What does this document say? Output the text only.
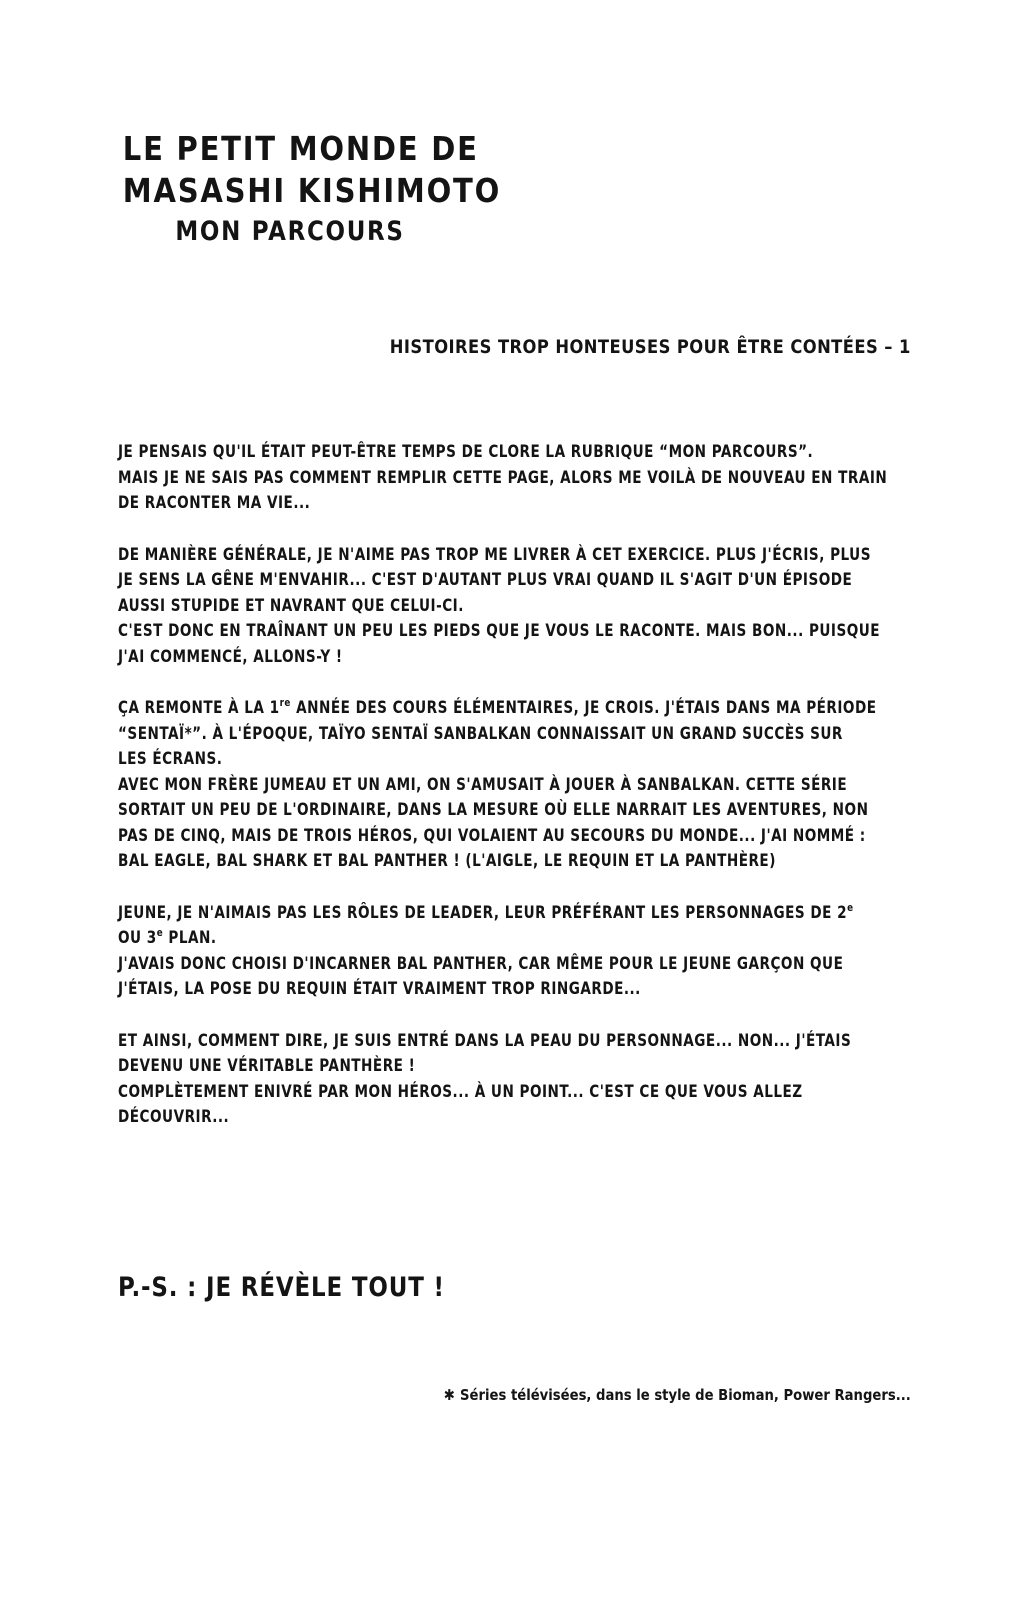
LE PETIT MONDE DE
MASASHI KISHIMOTO
MON PARCOURS
HISTOIRES TROP HONTEUSES POUR ÊTRE CONTÉES – 1
JE PENSAIS QU'IL ÉTAIT PEUT-ÊTRE TEMPS DE CLORE LA RUBRIQUE “MON PARCOURS”.
MAIS JE NE SAIS PAS COMMENT REMPLIR CETTE PAGE, ALORS ME VOILÀ DE NOUVEAU EN TRAIN
DE RACONTER MA VIE...
DE MANIÈRE GÉNÉRALE, JE N'AIME PAS TROP ME LIVRER À CET EXERCICE. PLUS J'ÉCRIS, PLUS
JE SENS LA GÊNE M'ENVAHIR... C'EST D'AUTANT PLUS VRAI QUAND IL S'AGIT D'UN ÉPISODE
AUSSI STUPIDE ET NAVRANT QUE CELUI-CI.
C'EST DONC EN TRAÎNANT UN PEU LES PIEDS QUE JE VOUS LE RACONTE. MAIS BON... PUISQUE
J'AI COMMENCÉ, ALLONS-Y !
ÇA REMONTE À LA 1re ANNÉE DES COURS ÉLÉMENTAIRES, JE CROIS. J'ÉTAIS DANS MA PÉRIODE
“SENTAÏ*”. À L'ÉPOQUE, TAÏYO SENTAÏ SANBALKAN CONNAISSAIT UN GRAND SUCCÈS SUR
LES ÉCRANS.
AVEC MON FRÈRE JUMEAU ET UN AMI, ON S'AMUSAIT À JOUER À SANBALKAN. CETTE SÉRIE
SORTAIT UN PEU DE L'ORDINAIRE, DANS LA MESURE OÙ ELLE NARRAIT LES AVENTURES, NON
PAS DE CINQ, MAIS DE TROIS HÉROS, QUI VOLAIENT AU SECOURS DU MONDE... J'AI NOMMÉ :
BAL EAGLE, BAL SHARK ET BAL PANTHER ! (L'AIGLE, LE REQUIN ET LA PANTHÈRE)
JEUNE, JE N'AIMAIS PAS LES RÔLES DE LEADER, LEUR PRÉFÉRANT LES PERSONNAGES DE 2e
OU 3e PLAN.
J'AVAIS DONC CHOISI D'INCARNER BAL PANTHER, CAR MÊME POUR LE JEUNE GARÇON QUE
J'ÉTAIS, LA POSE DU REQUIN ÉTAIT VRAIMENT TROP RINGARDE...
ET AINSI, COMMENT DIRE, JE SUIS ENTRÉ DANS LA PEAU DU PERSONNAGE... NON... J'ÉTAIS
DEVENU UNE VÉRITABLE PANTHÈRE !
COMPLÈTEMENT ENIVRÉ PAR MON HÉROS... À UN POINT... C'EST CE QUE VOUS ALLEZ
DÉCOUVRIR...
P.-S. : JE RÉVÈLE TOUT !
✱ Séries télévisées, dans le style de Bioman, Power Rangers...
